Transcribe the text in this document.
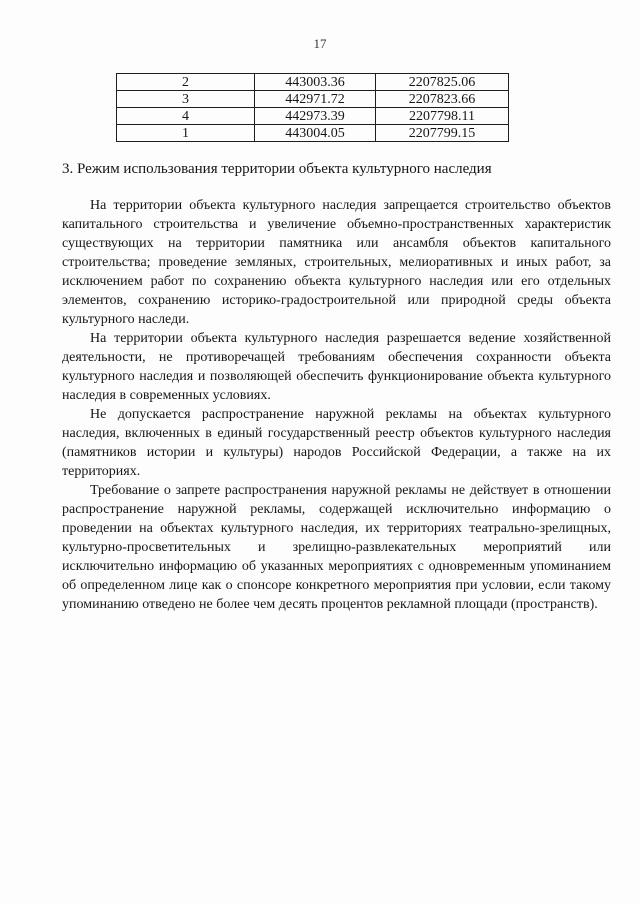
17
2	443003.36	2207825.06
3	442971.72	2207823.66
4	442973.39	2207798.11
1	443004.05	2207799.15
3. Режим использования территории объекта культурного наследия

На территории объекта культурного наследия запрещается строительство объектов капитального строительства и увеличение объемно-пространственных характеристик существующих на территории памятника или ансамбля объектов капитального строительства; проведение земляных, строительных, мелиоративных и иных работ, за исключением работ по сохранению объекта культурного наследия или его отдельных элементов, сохранению историко-градостроительной или природной среды объекта культурного наследи.

На территории объекта культурного наследия разрешается ведение хозяйственной деятельности, не противоречащей требованиям обеспечения сохранности объекта культурного наследия и позволяющей обеспечить функционирование объекта культурного наследия в современных условиях.

Не допускается распространение наружной рекламы на объектах культурного наследия, включенных в единый государственный реестр объектов культурного наследия (памятников истории и культуры) народов Российской Федерации, а также на их территориях.

Требование о запрете распространения наружной рекламы не действует в отношении распространение наружной рекламы, содержащей исключительно информацию о проведении на объектах культурного наследия, их территориях театрально-зрелищных, культурно-просветительных и зрелищно-развлекательных мероприятий или исключительно информацию об указанных мероприятиях с одновременным упоминанием об определенном лице как о спонсоре конкретного мероприятия при условии, если такому упоминанию отведено не более чем десять процентов рекламной площади (пространств).
